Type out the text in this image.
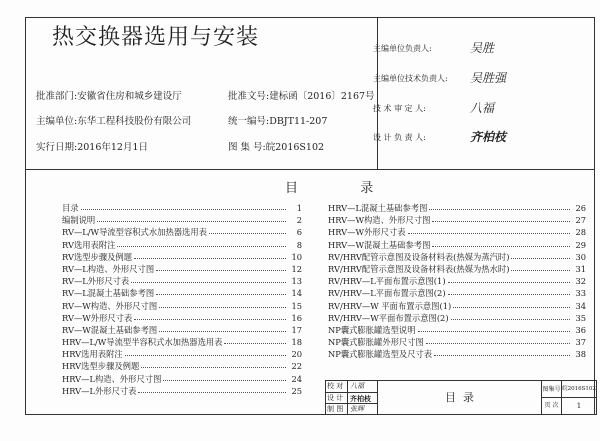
热交换器选用与安装
批准部门:安徽省住房和城乡建设厅	批准文号:建标函〔2016〕2167号
主编单位:东华工程科技股份有限公司	统一编号:DBJT11-207
实行日期:2016年12月1日	图 集 号:皖2016S102
主编单位负责人:	吴胜
主编单位技术负责人: 吴胜强
技 术 审 定 人:	八福
设 计 负 责 人:	齐柏枝
目  录
目录	1
编制说明	2
RV—L/W导流型容积式水加热器选用表	6
RV选用表附注	8
RV选型步骤及例题	10
RV—L构造、外形尺寸图	12
RV—L外形尺寸表	13
RV—L混凝土基础参考图	14
RV—W构造、外形尺寸图	15
RV—W外形尺寸表	16
RV—W混凝土基础参考图	17
HRV—L/W导流型半容积式水加热器选用表	18
HRV选用表附注	20
HRV选型步骤及例题	22
HRV—L构造、外形尺寸图	24
HRV—L外形尺寸表	25
HRV—L混凝土基础参考图	26
HRV—W构造、外形尺寸图	27
HRV—W外形尺寸表	28
HRV—W混凝土基础参考图	29
RV/HRV配管示意图及设备材料表(热媒为蒸汽时)	30
RV/HRV配管示意图及设备材料表(热媒为热水时)	31
RV/HRV—L平面布置示意图(1)	32
RV/HRV—L平面布置示意图(2)	33
RV/HRV—W 平面布置示意图(1)	34
RV/HRV—W平面布置示意图(2)	35
NP囊式膨胀罐选型说明	36
NP囊式膨胀罐外形尺寸图	37
NP囊式膨胀罐选型及尺寸表	38
校 对 八福
设 计 齐柏枝
制 图 张辉
目  录
图集号 皖2016S102
页 次	1
